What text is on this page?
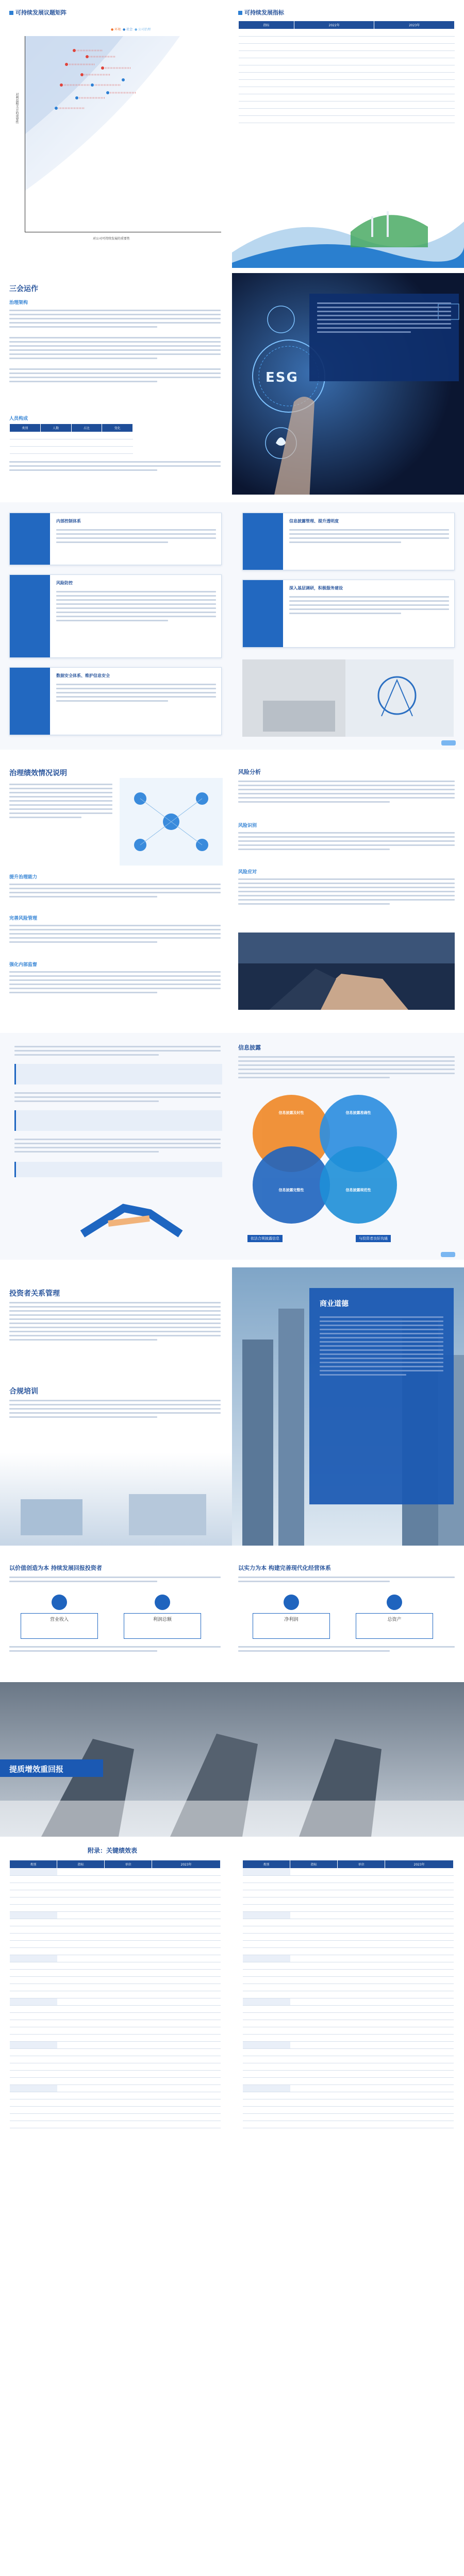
可持续发展议题矩阵
● 环境 ● 社会 ● 公司治理
对利益相关方的重要性
对公司可持续发展的重要性
可持续发展指标
指标	2022年	2023年

三会运作
治理架构
人员构成
类别	人数	占比	变化

ESG
内部控制体系
风险防控
数据安全体系、维护信息安全
信息披露管理、提升透明度
深入基层调研，积极服务建设
治理绩效情况说明
提升治理能力
完善风险管理
强化内部监督
风险分析
风险识别
风险应对
信息披露
信息披露及时性	信息披露准确性
信息披露完整性	信息披露规范性
依法合规披露信息	与投资者良好沟通
投资者关系管理
合规培训
商业道德
以价值创造为本 持续发展回报投资者
营业收入	利润总额
以实力为本 构建完善现代化经营体系
净利润	总资产
提质增效重回报
附录：关键绩效表
类别	指标	单位	2023年

				类别	指标	单位	2023年
